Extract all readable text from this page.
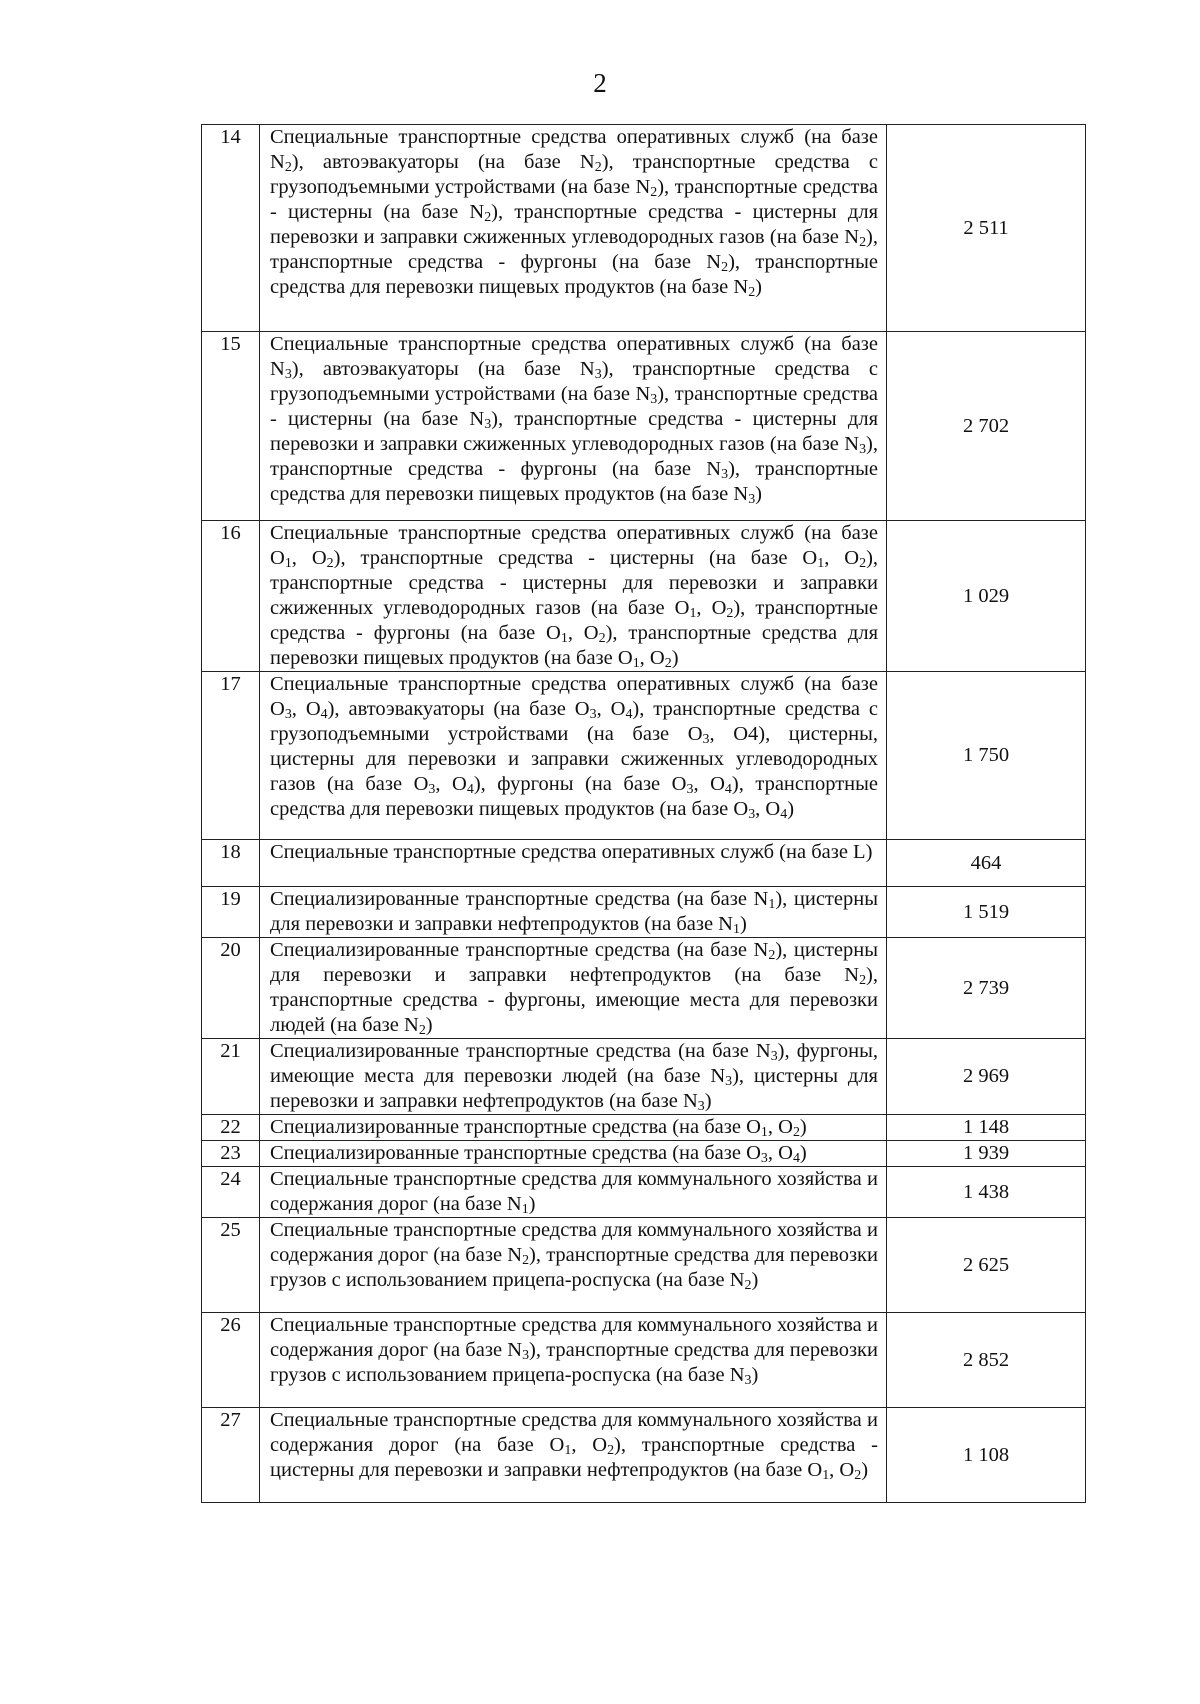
2
14	Специальные транспортные средства оперативных служб (на базе $N_2$), автоэвакуаторы (на базе $N_2$), транспортные средства с грузоподъемными устройствами (на базе $N_2$), транспортные средства - цистерны (на базе $N_2$), транспортные средства - цистерны для перевозки и заправки сжиженных углеводородных газов (на базе $N_2$), транспортные средства - фургоны (на базе $N_2$), транспортные средства для перевозки пищевых продуктов (на базе $N_2$)	2 511
15	Специальные транспортные средства оперативных служб (на базе $N_3$), автоэвакуаторы (на базе $N_3$), транспортные средства с грузоподъемными устройствами (на базе $N_3$), транспортные средства - цистерны (на базе $N_3$), транспортные средства - цистерны для перевозки и заправки сжиженных углеводородных газов (на базе $N_3$), транспортные средства - фургоны (на базе $N_3$), транспортные средства для перевозки пищевых продуктов (на базе $N_3$)	2 702
16	Специальные транспортные средства оперативных служб (на базе $O_1$, $O_2$), транспортные средства - цистерны (на базе $O_1$, $O_2$), транспортные средства - цистерны для перевозки и заправки сжиженных углеводородных газов (на базе $O_1$, $O_2$), транспортные средства - фургоны (на базе $O_1$, $O_2$), транспортные средства для перевозки пищевых продуктов (на базе $O_1$, $O_2$)	1 029
17	Специальные транспортные средства оперативных служб (на базе $O_3$, $O_4$), автоэвакуаторы (на базе $O_3$, $O_4$), транспортные средства с грузоподъемными устройствами (на базе $O_3$, O4), цистерны, цистерны для перевозки и заправки сжиженных углеводородных газов (на базе $O_3$, $O_4$), фургоны (на базе $O_3$, $O_4$), транспортные средства для перевозки пищевых продуктов (на базе $O_3$, $O_4$)	1 750
18	Специальные транспортные средства оперативных служб (на базе L)	464
19	Специализированные транспортные средства (на базе $N_1$), цистерны для перевозки и заправки нефтепродуктов (на базе $N_1$)	1 519
20	Специализированные транспортные средства (на базе $N_2$), цистерны для перевозки и заправки нефтепродуктов (на базе $N_2$), транспортные средства - фургоны, имеющие места для перевозки людей (на базе $N_2$)	2 739
21	Специализированные транспортные средства (на базе $N_3$), фургоны, имеющие места для перевозки людей (на базе $N_3$), цистерны для перевозки и заправки нефтепродуктов (на базе $N_3$)	2 969
22	Специализированные транспортные средства (на базе $O_1$, $O_2$)	1 148
23	Специализированные транспортные средства (на базе $O_3$, $O_4$)	1 939
24	Специальные транспортные средства для коммунального хозяйства и содержания дорог (на базе $N_1$)	1 438
25	Специальные транспортные средства для коммунального хозяйства и содержания дорог (на базе $N_2$), транспортные средства для перевозки грузов с использованием прицепа-роспуска (на базе $N_2$)	2 625
26	Специальные транспортные средства для коммунального хозяйства и содержания дорог (на базе $N_3$), транспортные средства для перевозки грузов с использованием прицепа-роспуска (на базе $N_3$)	2 852
27	Специальные транспортные средства для коммунального хозяйства и содержания дорог (на базе $O_1$, $O_2$), транспортные средства - цистерны для перевозки и заправки нефтепродуктов (на базе $O_1$, $O_2$)	1 108
